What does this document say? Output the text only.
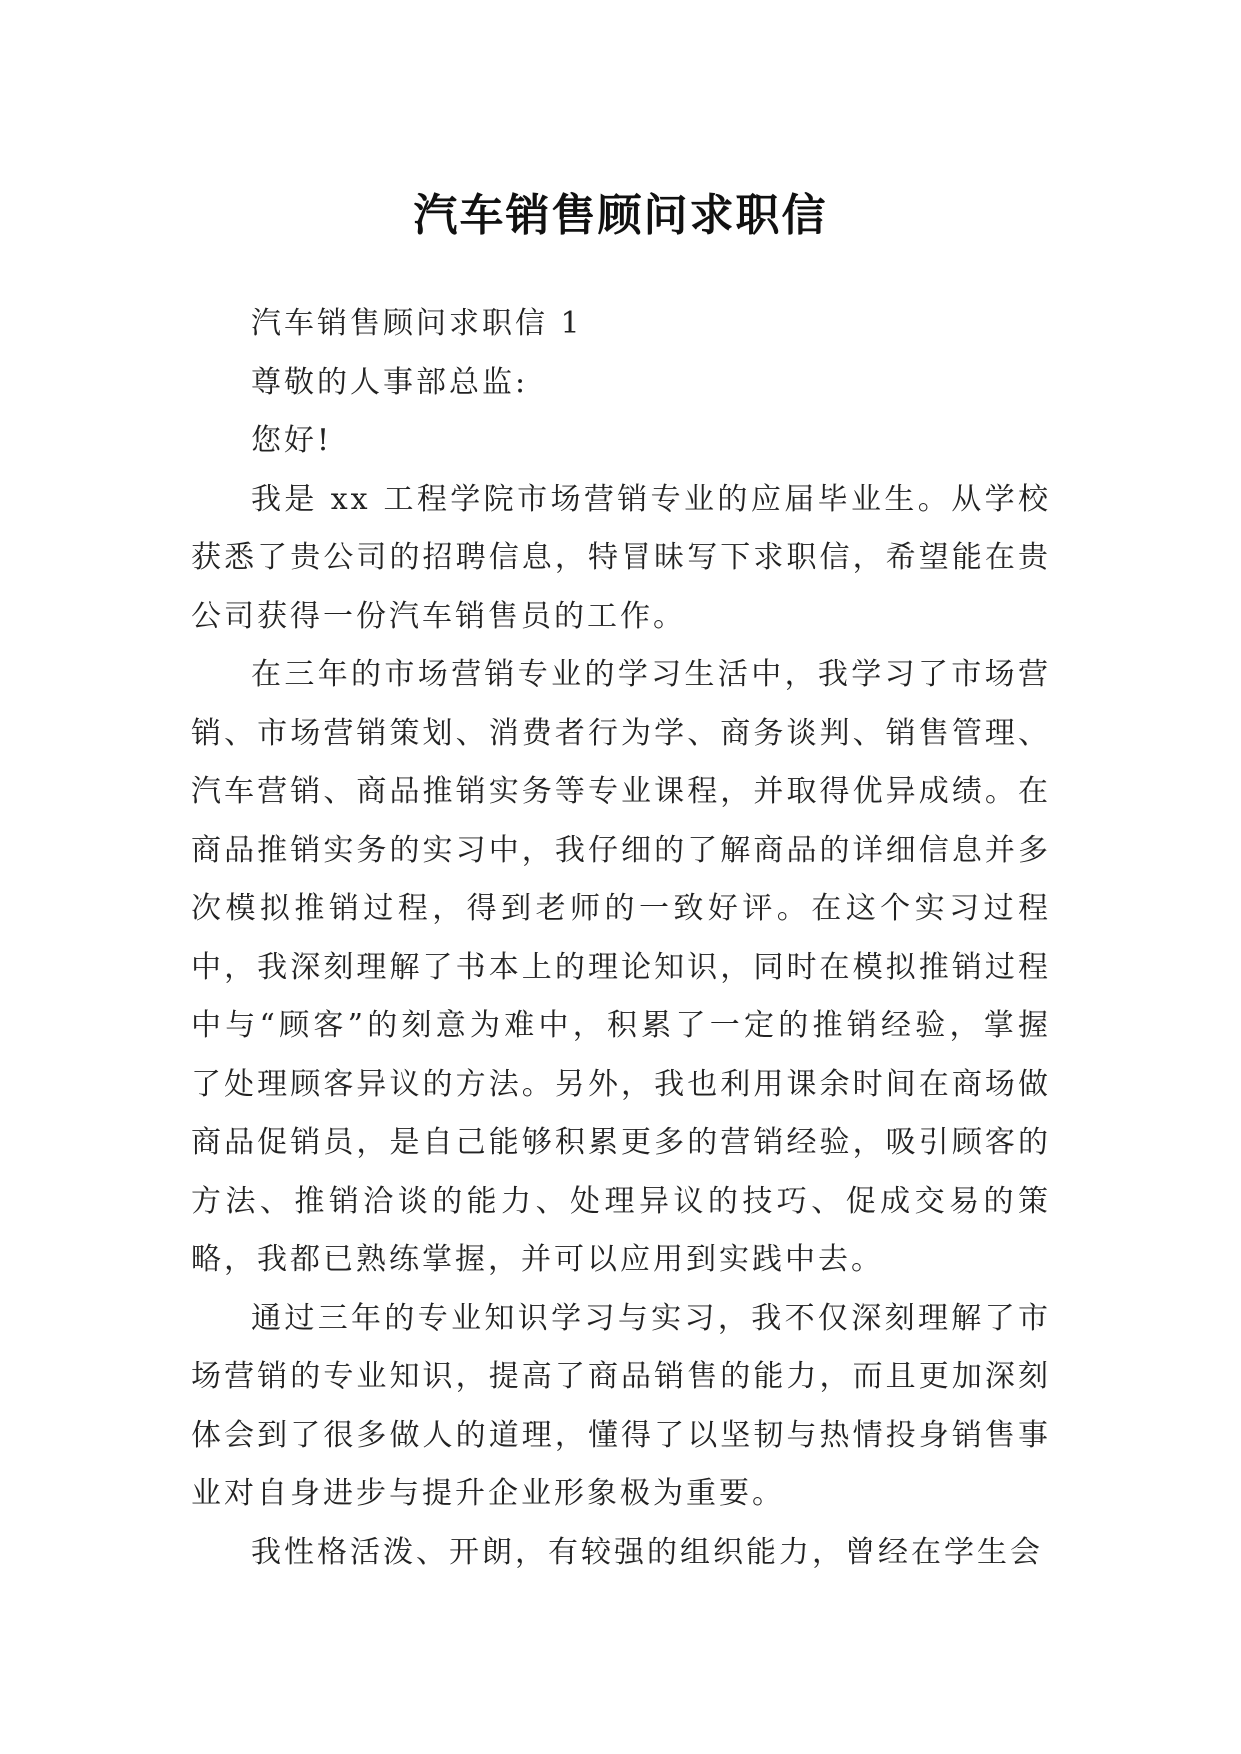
汽车销售顾问求职信

汽车销售顾问求职信 1

尊敬的人事部总监:

您好!

我是 xx 工程学院市场营销专业的应届毕业生。从学校获悉了贵公司的招聘信息，特冒昧写下求职信，希望能在贵公司获得一份汽车销售员的工作。

在三年的市场营销专业的学习生活中，我学习了市场营销、市场营销策划、消费者行为学、商务谈判、销售管理、汽车营销、商品推销实务等专业课程，并取得优异成绩。在商品推销实务的实习中，我仔细的了解商品的详细信息并多次模拟推销过程，得到老师的一致好评。在这个实习过程中，我深刻理解了书本上的理论知识，同时在模拟推销过程中与“顾客”的刻意为难中，积累了一定的推销经验，掌握了处理顾客异议的方法。另外，我也利用课余时间在商场做商品促销员，是自己能够积累更多的营销经验，吸引顾客的方法、推销洽谈的能力、处理异议的技巧、促成交易的策略，我都已熟练掌握，并可以应用到实践中去。

通过三年的专业知识学习与实习，我不仅深刻理解了市场营销的专业知识，提高了商品销售的能力，而且更加深刻体会到了很多做人的道理，懂得了以坚韧与热情投身销售事业对自身进步与提升企业形象极为重要。

我性格活泼、开朗，有较强的组织能力，曾经在学生会
